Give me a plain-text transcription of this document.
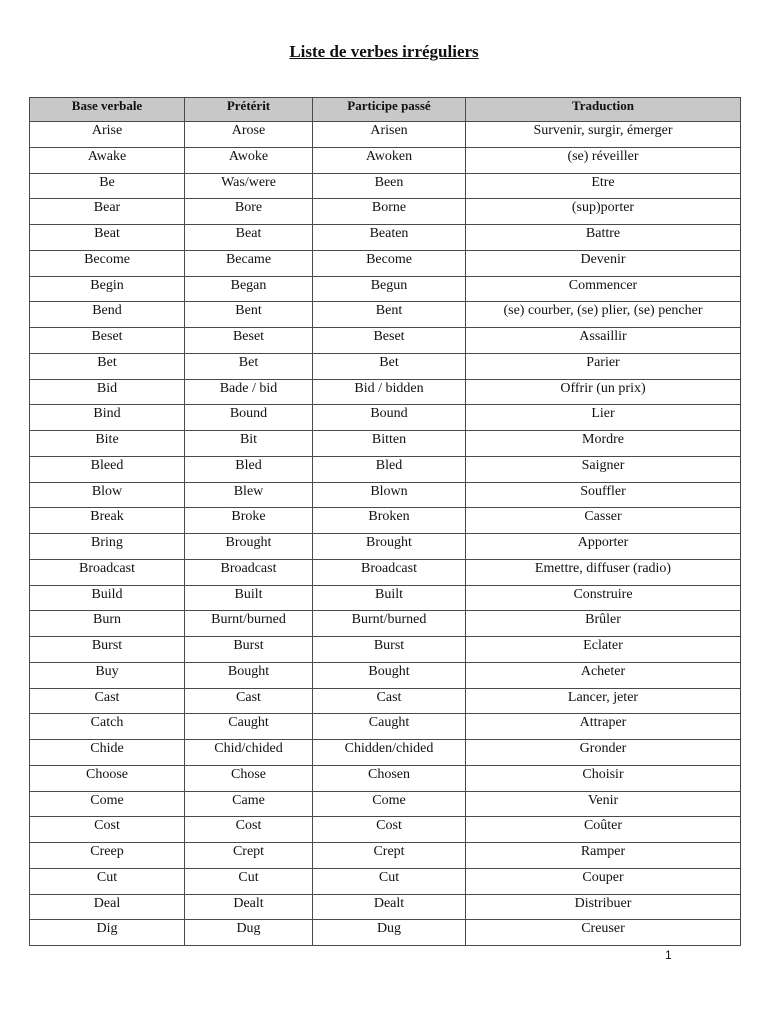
Liste de verbes irréguliers
Base verbale	Prétérit	Participe passé	Traduction
Arise	Arose	Arisen	Survenir, surgir, émerger
Awake	Awoke	Awoken	(se) réveiller
Be	Was/were	Been	Etre
Bear	Bore	Borne	(sup)porter
Beat	Beat	Beaten	Battre
Become	Became	Become	Devenir
Begin	Began	Begun	Commencer
Bend	Bent	Bent	(se) courber, (se) plier, (se) pencher
Beset	Beset	Beset	Assaillir
Bet	Bet	Bet	Parier
Bid	Bade / bid	Bid / bidden	Offrir (un prix)
Bind	Bound	Bound	Lier
Bite	Bit	Bitten	Mordre
Bleed	Bled	Bled	Saigner
Blow	Blew	Blown	Souffler
Break	Broke	Broken	Casser
Bring	Brought	Brought	Apporter
Broadcast	Broadcast	Broadcast	Emettre, diffuser (radio)
Build	Built	Built	Construire
Burn	Burnt/burned	Burnt/burned	Brûler
Burst	Burst	Burst	Eclater
Buy	Bought	Bought	Acheter
Cast	Cast	Cast	Lancer, jeter
Catch	Caught	Caught	Attraper
Chide	Chid/chided	Chidden/chided	Gronder
Choose	Chose	Chosen	Choisir
Come	Came	Come	Venir
Cost	Cost	Cost	Coûter
Creep	Crept	Crept	Ramper
Cut	Cut	Cut	Couper
Deal	Dealt	Dealt	Distribuer
Dig	Dug	Dug	Creuser
1
